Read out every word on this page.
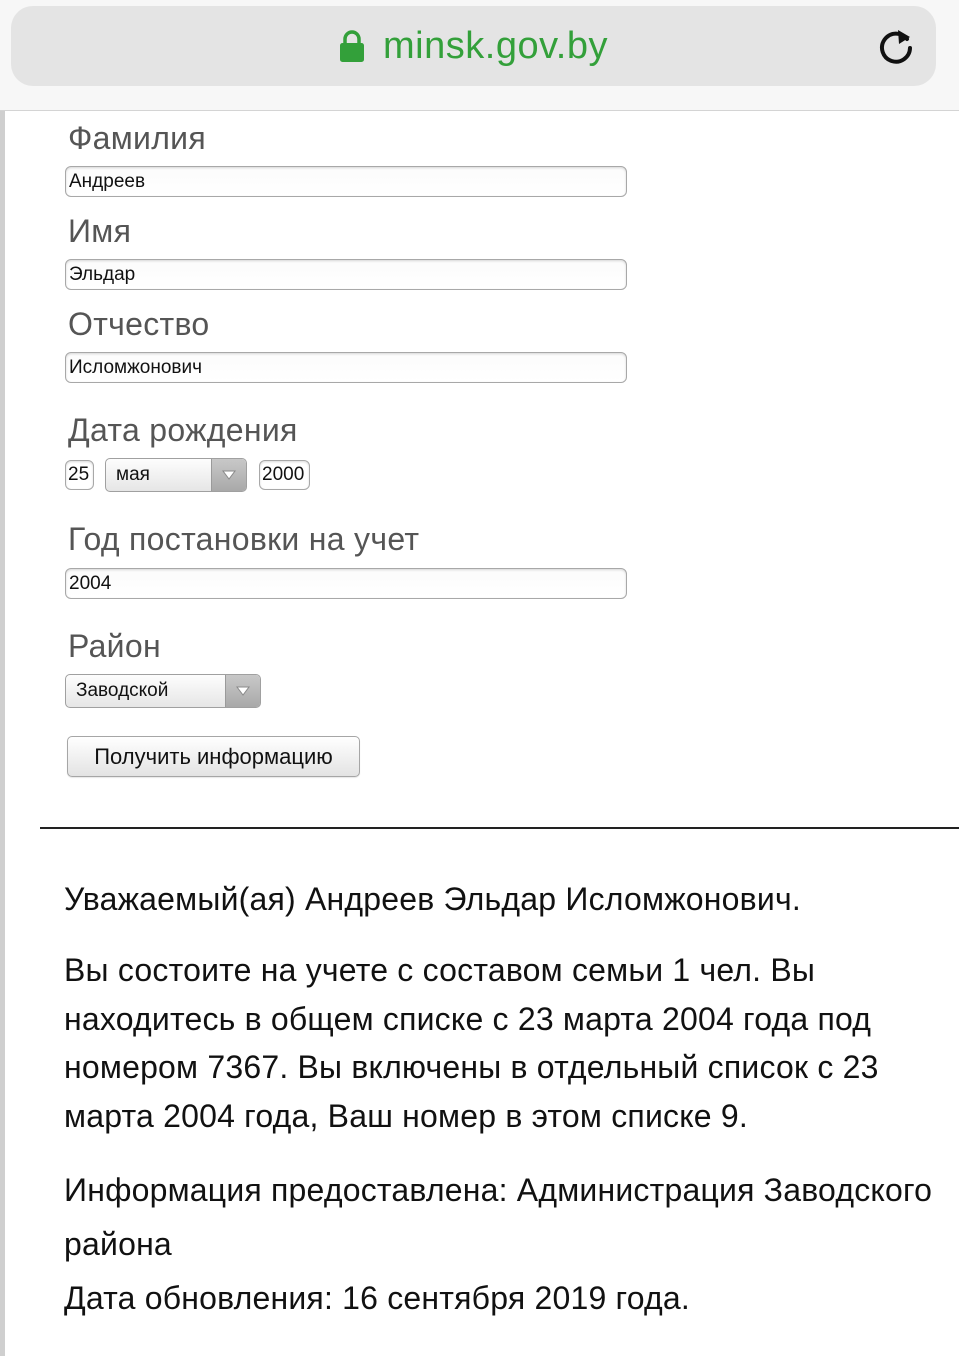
minsk.gov.by
Фамилия
Андреев
Имя
Эльдар
Отчество
Исломжонович
Дата рождения
25
мая
2000
Год постановки на учет
2004
Район
Заводской
Получить информацию
Уважаемый(ая) Андреев Эльдар Исломжонович.
Вы состоите на учете с составом семьи 1 чел. Вы находитесь в общем списке с 23 марта 2004 года под номером 7367. Вы включены в отдельный список с 23 марта 2004 года, Ваш номер в этом списке 9.
Информация предоставлена: Администрация Заводского района
Дата обновления: 16 сентября 2019 года.
